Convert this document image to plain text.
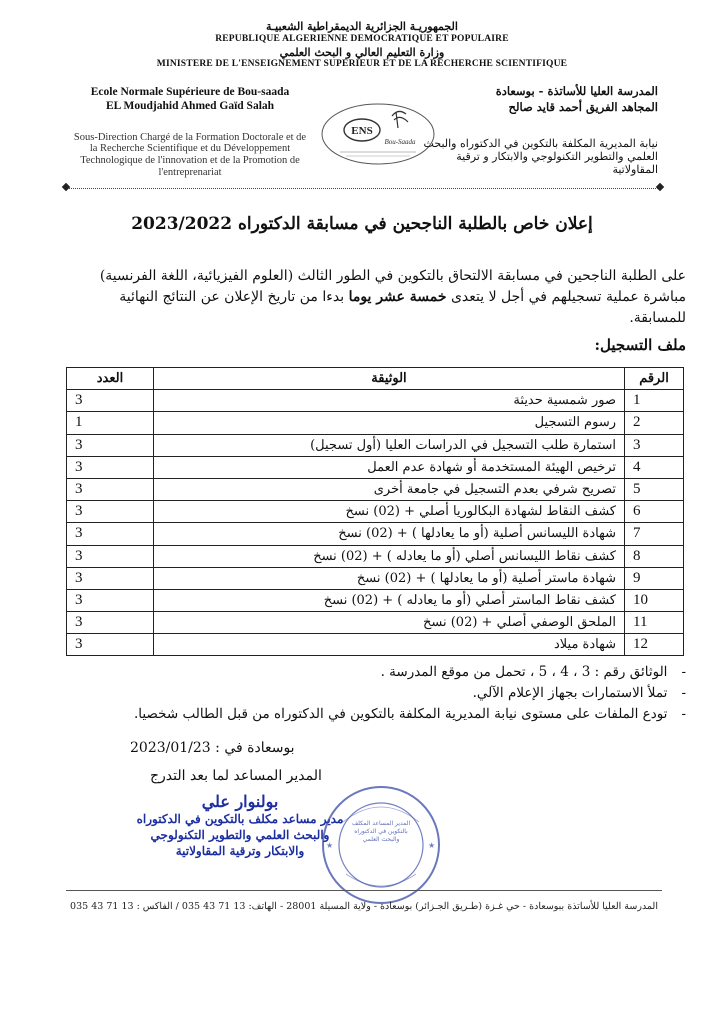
الجمهوريـة الجزائرية الديمقراطية الشعبيـة
REPUBLIQUE ALGERIENNE DEMOCRATIQUE ET POPULAIRE
وزارة التعليم العالي و البحث العلمي
MINISTERE DE L'ENSEIGNEMENT SUPERIEUR ET DE LA RECHERCHE SCIENTIFIQUE
Ecole Normale Supérieure de Bou-saada
EL Moudjahid Ahmed Gaïd Salah
Sous-Direction Chargé de la Formation Doctorale et de la Recherche Scientifique et du Développement Technologique de l'innovation et de la Promotion de l'entreprenariat
ENS
Bou-Saada
المدرسة العليا للأساتذة - بوسعادة
المجاهد الفريق أحمد قايد صالح
نيابة المديرية المكلفة بالتكوين في الدكتوراه والبحث العلمي والتطوير التكنولوجي والابتكار و ترقية المقاولاتية
إعلان خاص بالطلبة الناجحين في مسابقة الدكتوراه 2023/2022
على الطلبة الناجحين في مسابقة الالتحاق بالتكوين في الطور الثالث (العلوم الفيزيائية، اللغة الفرنسية) مباشرة عملية تسجيلهم في أجل لا يتعدى خمسة عشر يوما بدءا من تاريخ الإعلان عن النتائج النهائية للمسابقة.
ملف التسجيل:
الرقم	الوثيقة	العدد
1	صور شمسية حديثة	3
2	رسوم التسجيل	1
3	استمارة طلب التسجيل في الدراسات العليا (أول تسجيل)	3
4	ترخيص الهيئة المستخدمة أو شهادة عدم العمل	3
5	تصريح شرفي بعدم التسجيل في جامعة أخرى	3
6	كشف النقاط لشهادة البكالوريا أصلي + (02) نسخ	3
7	شهادة الليسانس أصلية (أو ما يعادلها ) + (02) نسخ	3
8	كشف نقاط الليسانس أصلي (أو ما يعادله ) + (02) نسخ	3
9	شهادة ماستر أصلية (أو ما يعادلها ) + (02) نسخ	3
10	كشف نقاط الماستر أصلي (أو ما يعادله ) + (02) نسخ	3
11	الملحق الوصفي أصلي + (02) نسخ	3
12	شهادة ميلاد	3
- الوثائق رقم : 3 ، 4 ، 5 ، تحمل من موقع المدرسة .
- تملأ الاستمارات بجهاز الإعلام الآلي.
- تودع الملفات على مستوى نيابة المديرية المكلفة بالتكوين في الدكتوراه من قبل الطالب شخصيا.
بوسعادة في : 2023/01/23
المدير المساعد لما بعد التدرج
بولنوار علي
مدير مساعد مكلف بالتكوين في الدكتوراه
والبحث العلمي والتطوير التكنولوجي
والابتكار وترقية المقاولاتية	★	★
المدير المساعد المكلف بالتكوين في الدكتوراه والبحث العلمي
المدرسة العليا للأساتذة ببوسعادة - حي غـزة (طـريق الجـزائر) بوسعادة - ولاية المسيلة 28001 - الهاتف: 13 71 43 035 / الفاكس : 13 71 43 035
